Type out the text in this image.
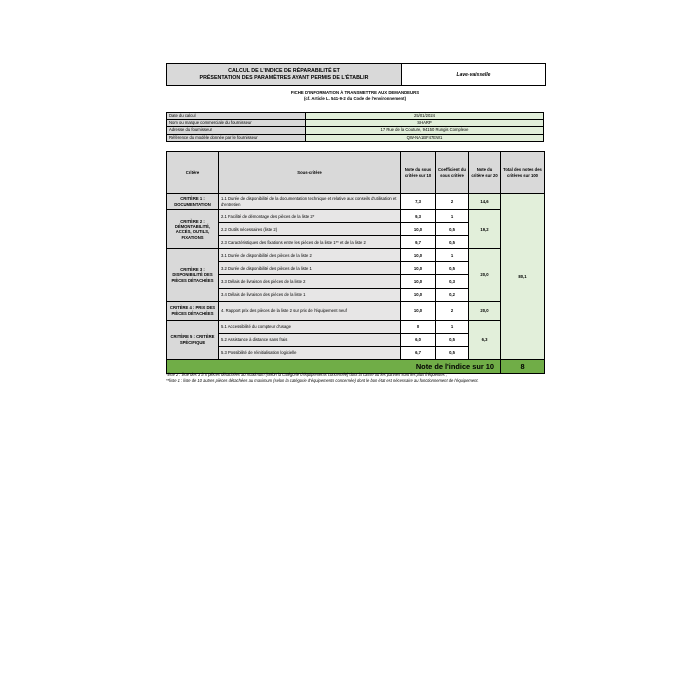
CALCUL DE L'INDICE DE RÉPARABILITÉ ET
PRÉSENTATION DES PARAMÈTRES AYANT PERMIS DE L'ÉTABLIR	Lave-vaisselle
FICHE D'INFORMATION À TRANSMETTRE AUX DEMANDEURS
(cf. Article L. 541-9-2 du Code de l'environnement)
Date du calcul	25/01/2024
Nom ou marque commerciale du fournisseur	SHARP
Adresse du fournisseur	17 Rue de la Couture, 94150 Rungis Complexe
Référence du modèle donnée par le fournisseur	QW-NA1BF47EW1
Critère	Sous-critère	Note du sous critère sur 10	Coefficient du sous critère	Note du critère sur 20	Total des notes des critères sur 100
CRITÈRE 1 : DOCUMENTATION	1.1 Durée de disponibilité de la documentation technique et relative aux conseils d'utilisation et d'entretien	7,3	2	14,6	80,1
CRITÈRE 2 : DÉMONTABILITÉ, ACCÈS, OUTILS, FIXATIONS	2.1 Facilité de démontage des pièces de la liste 2*	9,3	1	19,2	
	2.2 Outils nécessaires (liste 2)	10,0	0,5		
	2.3 Caractéristiques des fixations entre les pièces de la liste 1** et de la liste 2	9,7	0,5		
CRITÈRE 3 : DISPONIBILITÉ DES PIÈCES DÉTACHÉES	3.1 Durée de disponibilité des pièces de la liste 2	10,0	1	20,0	
	3.2 Durée de disponibilité des pièces de la liste 1	10,0	0,5		
	3.3 Délais de livraison des pièces de la liste 2	10,0	0,3		
	3.4 Délais de livraison des pièces de la liste 1	10,0	0,2		
CRITÈRE 4 : PRIX DES PIÈCES DÉTACHÉES	4. Rapport prix des pièces de la liste 2 sur prix de l'équipement neuf	10,0	2	20,0	
CRITÈRE 5 : CRITÈRE SPÉCIFIQUE	5.1 Accessibilité du compteur d'usage	0	1	6,3	
	5.2 Assistance à distance sans frais	6,0	0,5		
	5.3 Possibilité de réinitialisation logicielle	6,7	0,5		
Note de l'indice sur 10					8
*liste 2 : liste des 3 à 5 pièces détachées au maximum (selon la catégorie d'équipements concernée) dont la casse ou les pannes sont les plus fréquentes ;
**liste 1 : liste de 10 autres pièces détachées au maximum (selon la catégorie d'équipements concernée) dont le bon état est nécessaire au fonctionnement de l'équipement.
